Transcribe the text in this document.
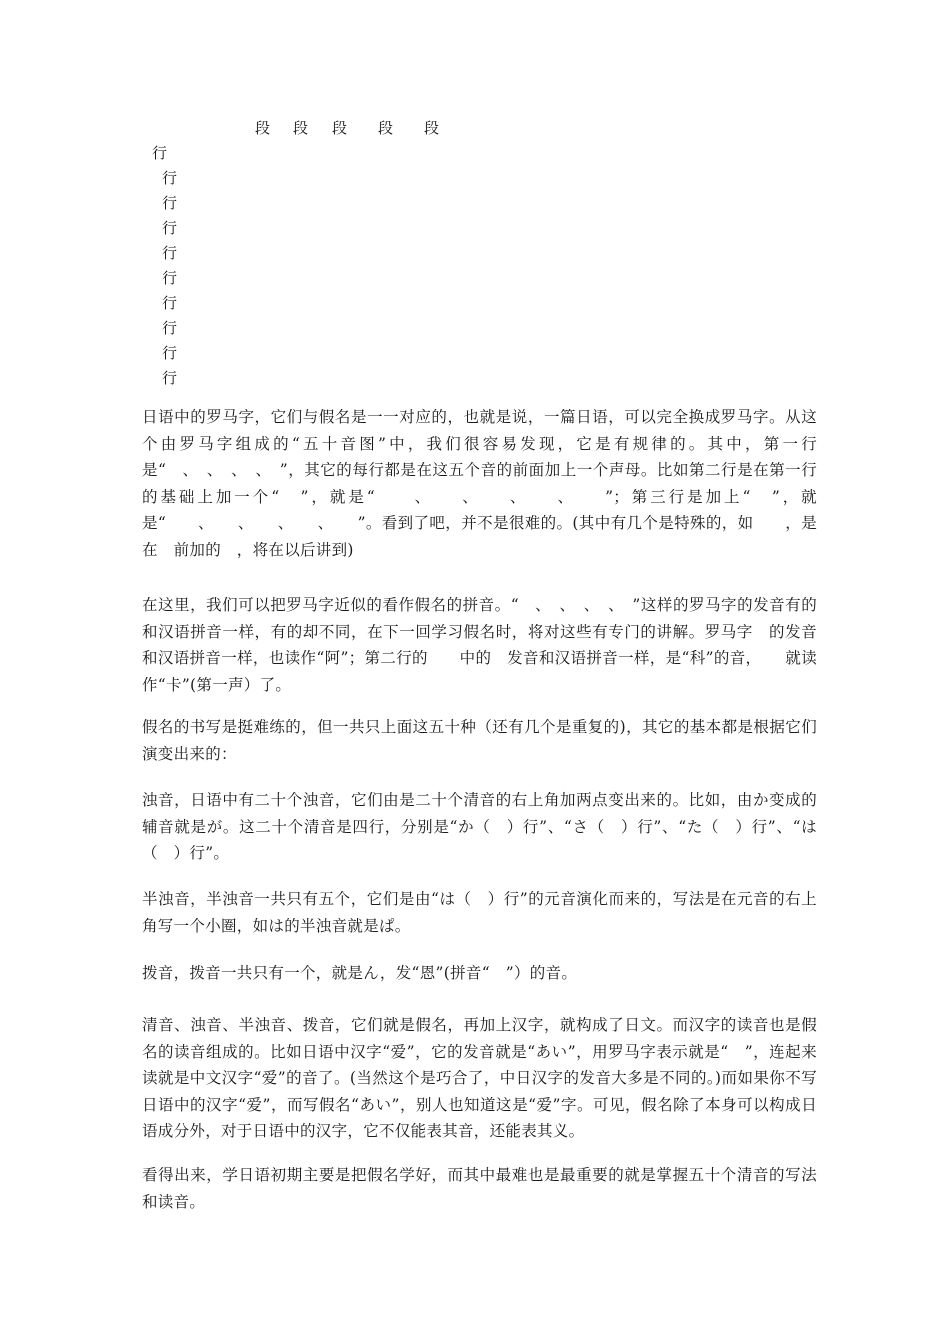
段 段 段 段 段
行
行
行
行
行
行
行
行
行
行

日语中的罗马字，它们与假名是一一对应的，也就是说，一篇日语，可以完全换成罗马字。从这个由罗马字组成的“五十音图”中，我们很容易发现，它是有规律的。其中，第一行是“　、　、　、　、　”，其它的每行都是在这五个音的前面加上一个声母。比如第二行是在第一行的基础上加一个“　”，就是“　　、　　、　　、　　、　　”；第三行是加上“　”，就是“　　、　　、　　、　　、　　”。看到了吧，并不是很难的。(其中有几个是特殊的，如　　，是在　前加的　，将在以后讲到)

在这里，我们可以把罗马字近似的看作假名的拼音。“　、　、　、　、　”这样的罗马字的发音有的和汉语拼音一样，有的却不同，在下一回学习假名时，将对这些有专门的讲解。罗马字　的发音和汉语拼音一样，也读作“阿”；第二行的　　中的　发音和汉语拼音一样，是“科”的音，　　就读作“卡”(第一声）了。

假名的书写是挺难练的，但一共只上面这五十种（还有几个是重复的)，其它的基本都是根据它们演变出来的：

浊音，日语中有二十个浊音，它们由是二十个清音的右上角加两点变出来的。比如，由か变成的辅音就是が。这二十个清音是四行，分别是“か（　）行”、“さ（　）行”、“た（　）行”、“は（　）行”。

半浊音，半浊音一共只有五个，它们是由“は（　）行”的元音演化而来的，写法是在元音的右上角写一个小圈，如は的半浊音就是ぱ。

拨音，拨音一共只有一个，就是ん，发“恩”(拼音“　”）的音。

清音、浊音、半浊音、拨音，它们就是假名，再加上汉字，就构成了日文。而汉字的读音也是假名的读音组成的。比如日语中汉字“爱”，它的发音就是“あい”，用罗马字表示就是“　”，连起来读就是中文汉字“爱”的音了。(当然这个是巧合了，中日汉字的发音大多是不同的。)而如果你不写日语中的汉字“爱”，而写假名“あい”，别人也知道这是“爱”字。可见，假名除了本身可以构成日语成分外，对于日语中的汉字，它不仅能表其音，还能表其义。

看得出来，学日语初期主要是把假名学好，而其中最难也是最重要的就是掌握五十个清音的写法和读音。
